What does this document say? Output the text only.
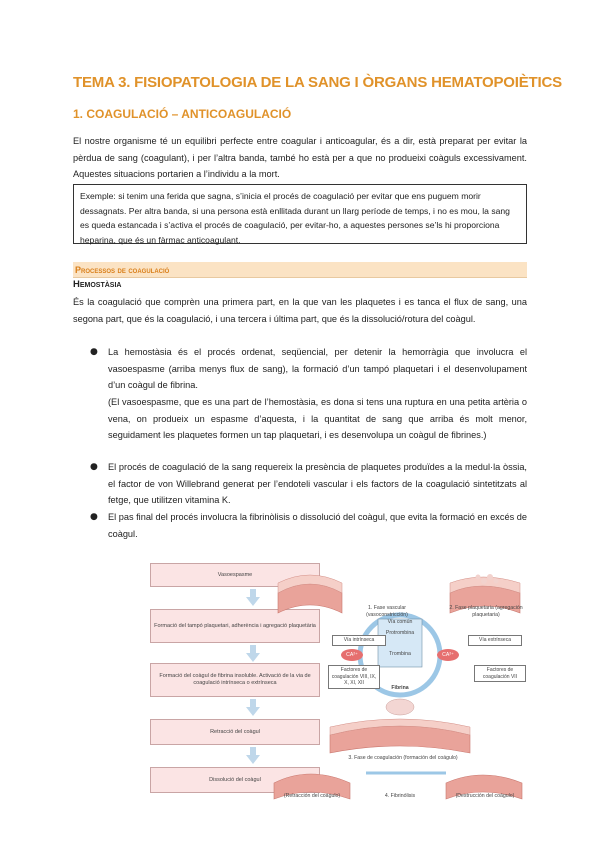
TEMA 3. FISIOPATOLOGIA DE LA SANG I ÒRGANS HEMATOPOIÈTICS
1. COAGULACIÓ – ANTICOAGULACIÓ
El nostre organisme té un equilibri perfecte entre coagular i anticoagular, és a dir, està preparat per evitar la pèrdua de sang (coagulant), i per l’altra banda, també ho està per a que no produeixi coàguls excessivament. Aquestes situacions portarien a l’individu a la mort.
Exemple: si tenim una ferida que sagna, s’inicia el procés de coagulació per evitar que ens puguem morir dessagnats. Per altra banda, si una persona està enllitada durant un llarg període de temps, i no es mou, la sang es queda estancada i s’activa el procés de coagulació, per evitar-ho, a aquestes persones se’ls hi proporciona heparina, que és un fàrmac anticoagulant.
Processos de coagulació
Hemostàsia
És la coagulació que comprèn una primera part, en la que van les plaquetes i es tanca el flux de sang, una segona part, que és la coagulació, i una tercera i última part, que és la dissolució/rotura del coàgul.
● La hemostàsia és el procés ordenat, seqüencial, per detenir la hemorràgia que involucra el vasoespasme (arriba menys flux de sang), la formació d’un tampó plaquetari i el desenvolupament d’un coàgul de fibrina.
(El vasoespasme, que es una part de l’hemostàsia, es dona si tens una ruptura en una petita artèria o vena, on produeix un espasme d’aquesta, i la quantitat de sang que arriba és molt menor, seguidament les plaquetes formen un tap plaquetari, i es desenvolupa un coàgul de fibrines.)
● El procés de coagulació de la sang requereix la presència de plaquetes produïdes a la medul·la òssia, el factor de von Willebrand generat per l’endoteli vascular i els factors de la coagulació sintetitzats al fetge, que utilitzen vitamina K.
● El pas final del procés involucra la fibrinòlisis o dissolució del coàgul, que evita la formació en excés de coàgul.
Vasoespasme
Formació del tampó plaquetari, adherència i agregació plaquetària
Formació del coàgul de fibrina insoluble. Activació de la via de coagulació intrínseca o extrínseca
Retracció del coàgul
Dissolució del coàgul
1. Fase vascular (vasoconstricción)
2. Fase plaquetaria (agregación plaquetaria)
Vía intrínseca	Vía extrínseca
Vía común
Protrombina
Trombina
CA²⁺	CA²⁺
Factores de coagulación VIII, IX, X, XI, XII
Factores de coagulación VII
Fibrina
3. Fase de coagulación (formación del coágulo)
(Retracción del coágulo)	4. Fibrinólisis	(Destrucción del coágulo)
